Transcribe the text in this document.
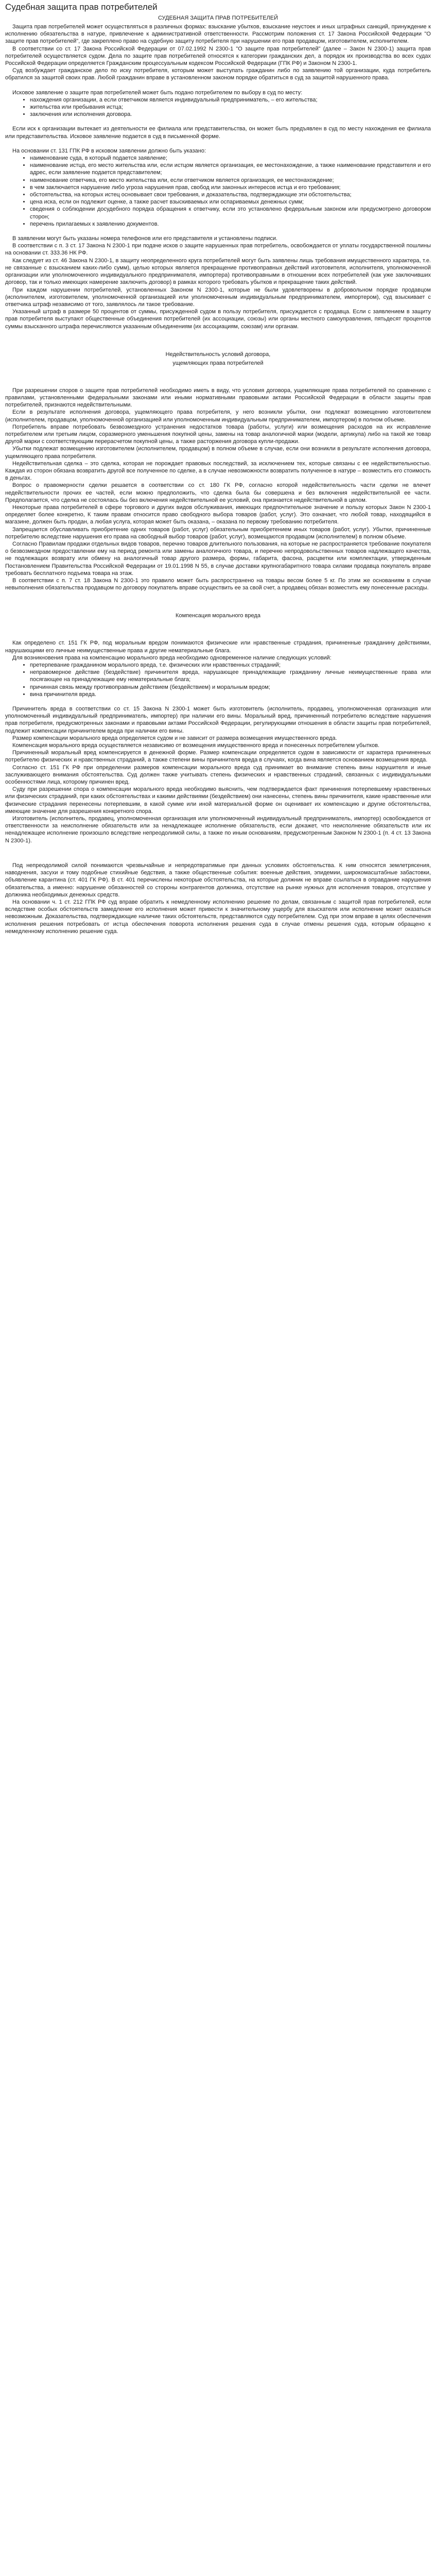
Судебная защита прав потребителей
СУДЕБНАЯ ЗАЩИТА ПРАВ ПОТРЕБИТЕЛЕЙ

Защита прав потребителей может осуществляться в различных формах: взыскание убытков, взыскание неустоек и иных штрафных санкций, принуждение к исполнению обязательства в натуре, привлечение к административной ответственности. Рассмотрим положения ст. 17 Закона Российской Федерации "О защите прав потребителей", где закреплено право на судебную защиту потребителя при нарушении его прав продавцом, изготовителем, исполнителем.

В соответствии со ст. 17 Закона Российской Федерации от 07.02.1992 N 2300-1 "О защите прав потребителей" (далее – Закон N 2300-1) защита прав потребителей осуществляется судом. Дела по защите прав потребителей относятся к категории гражданских дел, а порядок их производства во всех судах Российской Федерации определяется Гражданским процессуальным кодексом Российской Федерации (ГПК РФ) и Законом N 2300-1.

Суд возбуждает гражданское дело по иску потребителя, которым может выступать гражданин либо по заявлению той организации, куда потребитель обратился за защитой своих прав. Любой гражданин вправе в установленном законом порядке обратиться в суд за защитой нарушенного права.

Исковое заявление о защите прав потребителей может быть подано потребителем по выбору в суд по месту:

• нахождения организации, а если ответчиком является индивидуальный предприниматель, – его жительства;
• жительства или пребывания истца;
• заключения или исполнения договора.

Если иск к организации вытекает из деятельности ее филиала или представительства, он может быть предъявлен в суд по месту нахождения ее филиала или представительства. Исковое заявление подается в суд в письменной форме.

На основании ст. 131 ГПК РФ в исковом заявлении должно быть указано:

• наименование суда, в который подается заявление;
• наименование истца, его место жительства или, если истцом является организация, ее местонахождение, а также наименование представителя и его адрес, если заявление подается представителем;
• наименование ответчика, его место жительства или, если ответчиком является организация, ее местонахождение;
• в чем заключается нарушение либо угроза нарушения прав, свобод или законных интересов истца и его требования;
• обстоятельства, на которых истец основывает свои требования, и доказательства, подтверждающие эти обстоятельства;
• цена иска, если он подлежит оценке, а также расчет взыскиваемых или оспариваемых денежных сумм;
• сведения о соблюдении досудебного порядка обращения к ответчику, если это установлено федеральным законом или предусмотрено договором сторон;
• перечень прилагаемых к заявлению документов.

В заявлении могут быть указаны номера телефонов или его представителя и установлены подписи.

В соответствии с п. 3 ст. 17 Закона N 2300-1 при подаче исков о защите нарушенных прав потребитель, освобождается от уплаты государственной пошлины на основании ст. 333.36 НК РФ.

Как следует из ст. 46 Закона N 2300-1, в защиту неопределенного круга потребителей могут быть заявлены лишь требования имущественного характера, т.е. не связанные с взысканием каких-либо сумм), целью которых является прекращение противоправных действий изготовителя, исполнителя, уполномоченной организации или уполномоченного индивидуального предпринимателя, импортера) противоправными в отношении всех потребителей (как уже заключивших договор, так и только имеющих намерение заключить договор) в рамках которого требовать убытков и прекращение таких действий.

При каждом нарушении потребителей, установленных Законом N 2300-1, которые не были удовлетворены в добровольном порядке продавцом (исполнителем, изготовителем, уполномоченной организацией или уполномоченным индивидуальным предпринимателем, импортером), суд взыскивает с ответчика штраф независимо от того, заявлялось ли такое требование.

Указанный штраф в размере 50 процентов от суммы, присужденной судом в пользу потребителя, присуждается с продавца. Если с заявлением в защиту прав потребителя выступают общественные объединения потребителей (их ассоциации, союзы) или органы местного самоуправления, пятьдесят процентов суммы взысканного штрафа перечисляются указанным объединениям (их ассоциациям, союзам) или органам.

Недействительность условий договора,
ущемляющих права потребителей

При разрешении споров о защите прав потребителей необходимо иметь в виду, что условия договора, ущемляющие права потребителей по сравнению с правилами, установленными федеральными законами или иными нормативными правовыми актами Российской Федерации в области защиты прав потребителей, признаются недействительными.

Если в результате исполнения договора, ущемляющего права потребителя, у него возникли убытки, они подлежат возмещению изготовителем (исполнителем, продавцом, уполномоченной организацией или уполномоченным индивидуальным предпринимателем, импортером) в полном объеме.

Потребитель вправе потребовать безвозмездного устранения недостатков товара (работы, услуги) или возмещения расходов на их исправление потребителем или третьим лицом, соразмерного уменьшения покупной цены, замены на товар аналогичной марки (модели, артикула) либо на такой же товар другой марки с соответствующим перерасчетом покупной цены, а также расторжения договора купли-продажи.

Убытки подлежат возмещению изготовителем (исполнителем, продавцом) в полном объеме в случае, если они возникли в результате исполнения договора, ущемляющего права потребителя.

Недействительная сделка – это сделка, которая не порождает правовых последствий, за исключением тех, которые связаны с ее недействительностью. Каждая из сторон обязана возвратить другой все полученное по сделке, а в случае невозможности возвратить полученное в натуре – возместить его стоимость в деньгах.

Вопрос о правомерности сделки решается в соответствии со ст. 180 ГК РФ, согласно которой недействительность части сделки не влечет недействительности прочих ее частей, если можно предположить, что сделка была бы совершена и без включения недействительной ее части. Предполагается, что сделка не состоялась бы без включения недействительной ее условий, она признается недействительной в целом.

Некоторые права потребителей в сфере торгового и других видов обслуживания, имеющих предпочтительное значение и пользу которых Закон N 2300-1 определяет более конкретно, К таким правам относится право свободного выбора товаров (работ, услуг). Это означает, что любой товар, находящийся в магазине, должен быть продан, а любая услуга, которая может быть оказана, – оказана по первому требованию потребителя.

Запрещается обуславливать приобретение одних товаров (работ, услуг) обязательным приобретением иных товаров (работ, услуг). Убытки, причиненные потребителю вследствие нарушения его права на свободный выбор товаров (работ, услуг), возмещаются продавцом (исполнителем) в полном объеме.

Согласно Правилам продажи отдельных видов товаров, перечню товаров длительного пользования, на которые не распространяется требование покупателя о безвозмездном предоставлении ему на период ремонта или замены аналогичного товара, и перечню непродовольственных товаров надлежащего качества, не подлежащих возврату или обмену на аналогичный товар другого размера, формы, габарита, фасона, расцветки или комплектации, утвержденным Постановлением Правительства Российской Федерации от 19.01.1998 N 55, в случае доставки крупногабаритного товара силами продавца покупатель вправе требовать бесплатного подъема товара на этаж.

В соответствии с п. 7 ст. 18 Закона N 2300-1 это правило может быть распространено на товары весом более 5 кг. По этим же основаниям в случае невыполнения обязательства продавцом по договору покупатель вправе осуществить ее за свой счет, а продавец обязан возместить ему понесенные расходы.

Компенсация морального вреда

Как определено ст. 151 ГК РФ, под моральным вредом понимаются физические или нравственные страдания, причиненные гражданину действиями, нарушающими его личные неимущественные права и другие нематериальные блага.

Для возникновения права на компенсацию морального вреда необходимо одновременное наличие следующих условий:

• претерпевание гражданином морального вреда, т.е. физических или нравственных страданий;
• неправомерное действие (бездействие) причинителя вреда, нарушающее принадлежащие гражданину личные неимущественные права или посягающее на принадлежащие ему нематериальные блага;
• причинная связь между противоправным действием (бездействием) и моральным вредом;
• вина причинителя вреда.

Причинитель вреда в соответствии со ст. 15 Закона N 2300-1 может быть изготовитель (исполнитель, продавец, уполномоченная организация или уполномоченный индивидуальный предприниматель, импортер) при наличии его вины. Моральный вред, причиненный потребителю вследствие нарушения прав потребителя, предусмотренных законами и правовыми актами Российской Федерации, регулирующими отношения в области защиты прав потребителей, подлежит компенсации причинителем вреда при наличии его вины.

Размер компенсации морального вреда определяется судом и не зависит от размера возмещения имущественного вреда.

Компенсация морального вреда осуществляется независимо от возмещения имущественного вреда и понесенных потребителем убытков.

Причиненный моральный вред компенсируется в денежной форме. Размер компенсации определяется судом в зависимости от характера причиненных потребителю физических и нравственных страданий, а также степени вины причинителя вреда в случаях, когда вина является основанием возмещения вреда.

Согласно ст. 151 ГК РФ при определении размеров компенсации морального вреда суд принимает во внимание степень вины нарушителя и иные заслуживающего внимания обстоятельства. Суд должен также учитывать степень физических и нравственных страданий, связанных с индивидуальными особенностями лица, которому причинен вред.

Суду при разрешении спора о компенсации морального вреда необходимо выяснить, чем подтверждается факт причинения потерпевшему нравственных или физических страданий, при каких обстоятельствах и какими действиями (бездействием) они нанесены, степень вины причинителя, какие нравственные или физические страдания перенесены потерпевшим, в какой сумме или иной материальной форме он оценивает их компенсацию и другие обстоятельства, имеющие значение для разрешения конкретного спора.

Изготовитель (исполнитель, продавец, уполномоченная организация или уполномоченный индивидуальный предприниматель, импортер) освобождается от ответственности за неисполнение обязательств или за ненадлежащее исполнение обязательств, если докажет, что неисполнение обязательств или их ненадлежащее исполнение произошло вследствие непреодолимой силы, а также по иным основаниям, предусмотренным Законом N 2300-1 (п. 4 ст. 13 Закона N 2300-1).

Под непреодолимой силой понимаются чрезвычайные и непредотвратимые при данных условиях обстоятельства. К ним относятся землетрясения, наводнения, засухи и тому подобные стихийные бедствия, а также общественные события: военные действия, эпидемии, широкомасштабные забастовки, объявление карантина (ст. 401 ГК РФ). В ст. 401 перечислены некоторые обстоятельства, на которые должник не вправе ссылаться в оправдание нарушения обязательства, а именно: нарушение обязанностей со стороны контрагентов должника, отсутствие на рынке нужных для исполнения товаров, отсутствие у должника необходимых денежных средств.

На основании ч. 1 ст. 212 ГПК РФ суд вправе обратить к немедленному исполнению решение по делам, связанным с защитой прав потребителей, если вследствие особых обстоятельств замедление его исполнения может привести к значительному ущербу для взыскателя или исполнение может оказаться невозможным. Доказательства, подтверждающие наличие таких обстоятельств, представляются суду потребителем. Суд при этом вправе в целях обеспечения исполнения решения потребовать от истца обеспечения поворота исполнения решения суда в случае отмены решения суда, которым обращено к немедленному исполнению решение суда.
